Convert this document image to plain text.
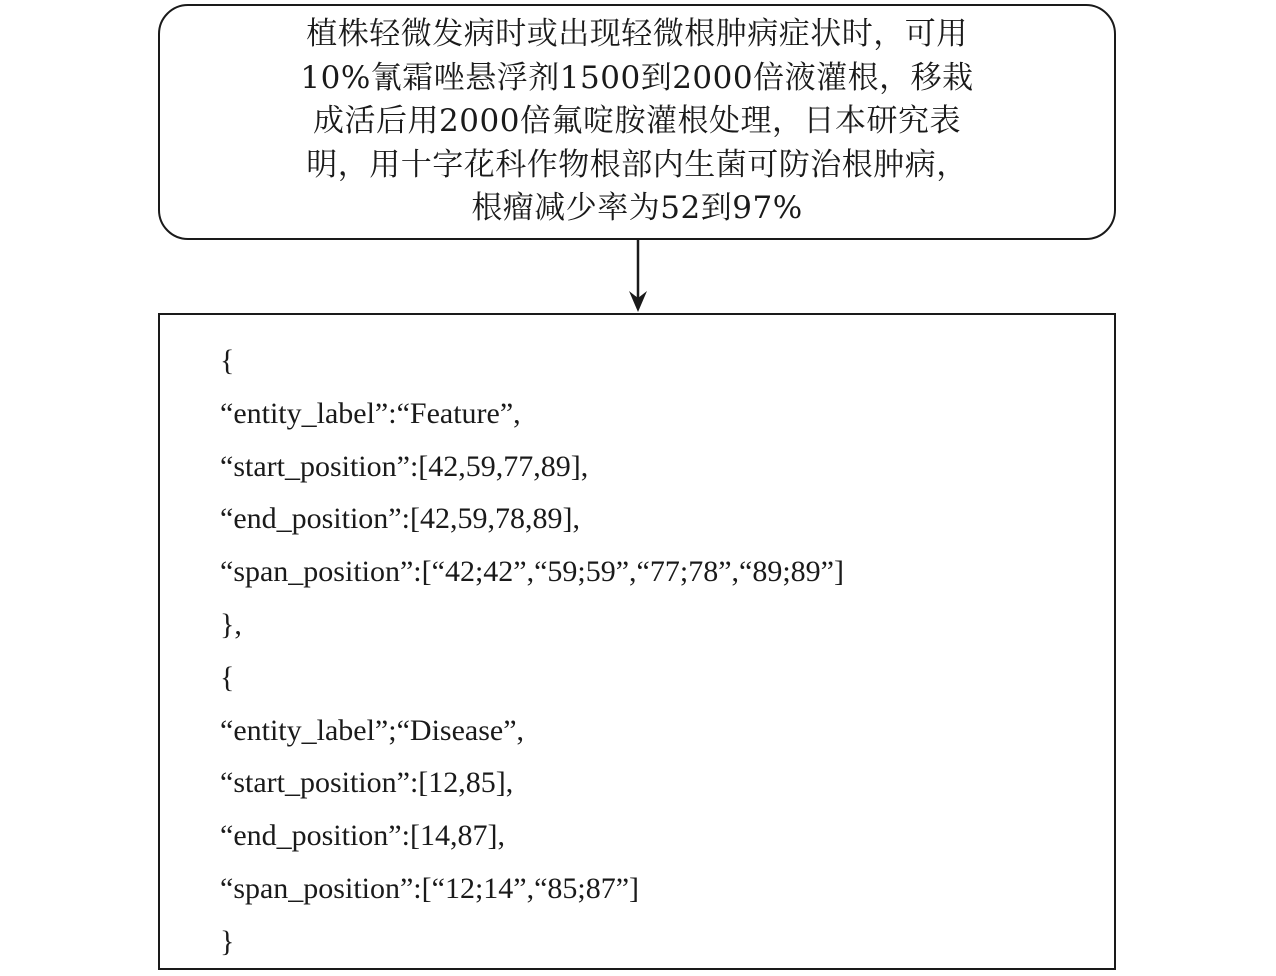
植株轻微发病时或出现轻微根肿病症状时，可用
10%氰霜唑悬浮剂1500到2000倍液灌根，移栽
成活后用2000倍氟啶胺灌根处理，日本研究表
明，用十字花科作物根部内生菌可防治根肿病，
根瘤减少率为52到97%
{
“entity_label”:“Feature”,
“start_position”:[42,59,77,89],
“end_position”:[42,59,78,89],
“span_position”:[“42;42”,“59;59”,“77;78”,“89;89”]
},
{
“entity_label”;“Disease”,
“start_position”:[12,85],
“end_position”:[14,87],
“span_position”:[“12;14”,“85;87”]
}
